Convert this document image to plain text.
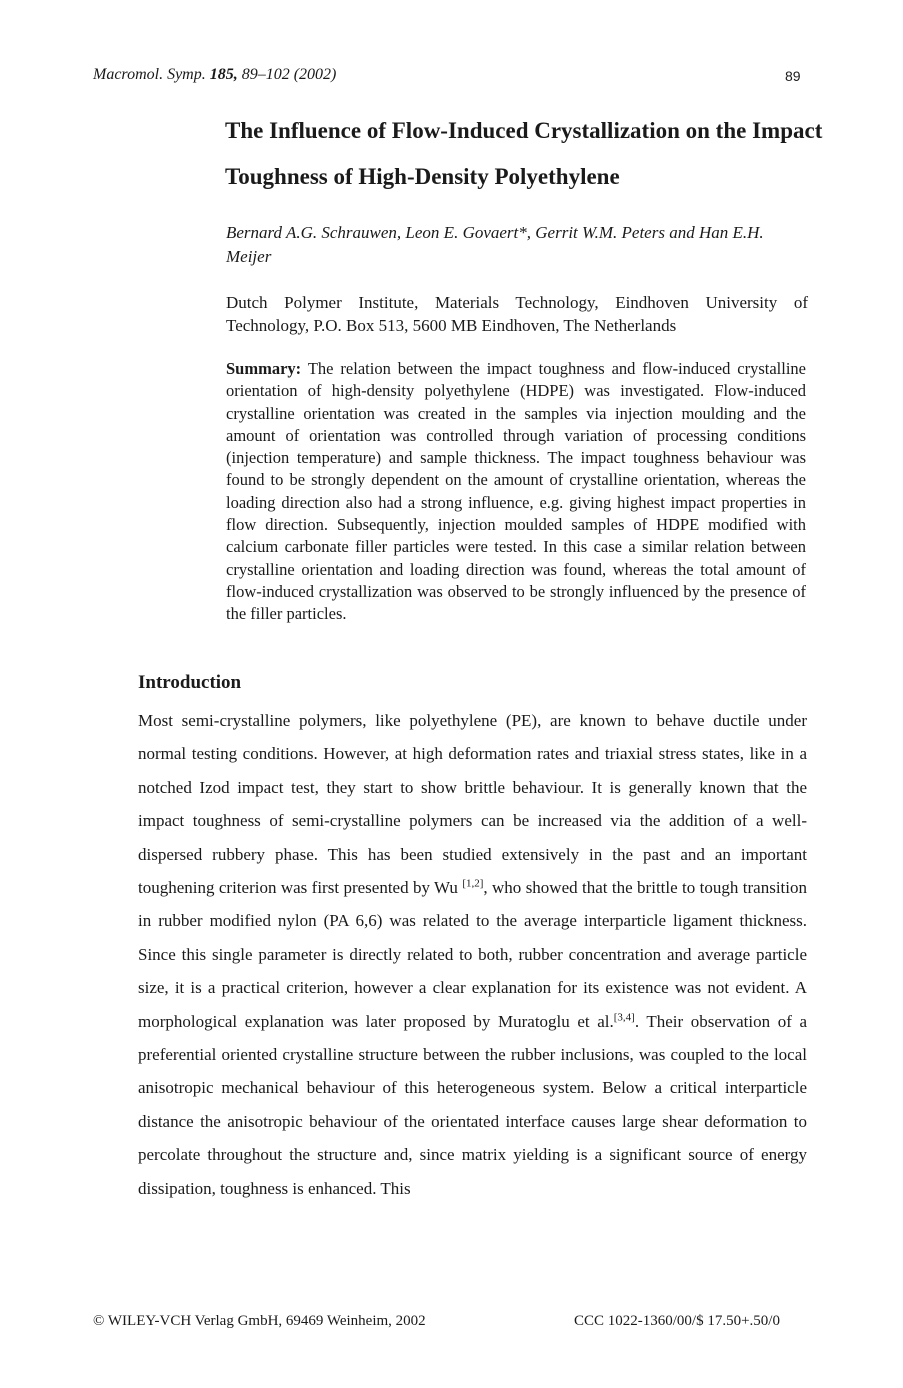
Macromol. Symp. 185, 89–102 (2002)	89
The Influence of Flow-Induced Crystallization on the Impact Toughness of High-Density Polyethylene

Bernard A.G. Schrauwen, Leon E. Govaert*, Gerrit W.M. Peters and Han E.H. Meijer

Dutch Polymer Institute, Materials Technology, Eindhoven University of Technology, P.O. Box 513, 5600 MB Eindhoven, The Netherlands

Summary: The relation between the impact toughness and flow-induced crystalline orientation of high-density polyethylene (HDPE) was investigated. Flow-induced crystalline orientation was created in the samples via injection moulding and the amount of orientation was controlled through variation of processing conditions (injection temperature) and sample thickness. The impact toughness behaviour was found to be strongly dependent on the amount of crystalline orientation, whereas the loading direction also had a strong influence, e.g. giving highest impact properties in flow direction. Subsequently, injection moulded samples of HDPE modified with calcium carbonate filler particles were tested. In this case a similar relation between crystalline orientation and loading direction was found, whereas the total amount of flow-induced crystallization was observed to be strongly influenced by the presence of the filler particles.

Introduction

Most semi-crystalline polymers, like polyethylene (PE), are known to behave ductile under normal testing conditions. However, at high deformation rates and triaxial stress states, like in a notched Izod impact test, they start to show brittle behaviour. It is generally known that the impact toughness of semi-crystalline polymers can be increased via the addition of a well-dispersed rubbery phase. This has been studied extensively in the past and an important toughening criterion was first presented by Wu [1,2], who showed that the brittle to tough transition in rubber modified nylon (PA 6,6) was related to the average interparticle ligament thickness. Since this single parameter is directly related to both, rubber concentration and average particle size, it is a practical criterion, however a clear explanation for its existence was not evident. A morphological explanation was later proposed by Muratoglu et al.[3,4]. Their observation of a preferential oriented crystalline structure between the rubber inclusions, was coupled to the local anisotropic mechanical behaviour of this heterogeneous system. Below a critical interparticle distance the anisotropic behaviour of the orientated interface causes large shear deformation to percolate throughout the structure and, since matrix yielding is a significant source of energy dissipation, toughness is enhanced. This

© WILEY-VCH Verlag GmbH, 69469 Weinheim, 2002	CCC 1022-1360/00/$ 17.50+.50/0
